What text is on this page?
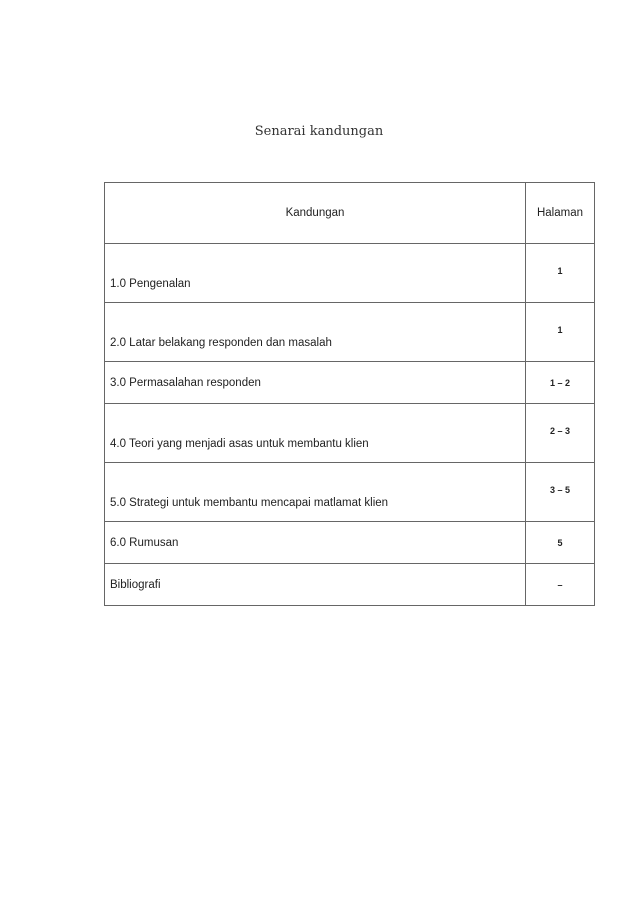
Senarai kandungan
Kandungan	Halaman
1.0 Pengenalan	1
2.0 Latar belakang responden dan masalah	1
3.0 Permasalahan responden	1 – 2
4.0 Teori yang menjadi asas untuk membantu klien	2 – 3
5.0 Strategi untuk membantu mencapai matlamat klien	3 – 5
6.0 Rumusan	5
Bibliografi	–
